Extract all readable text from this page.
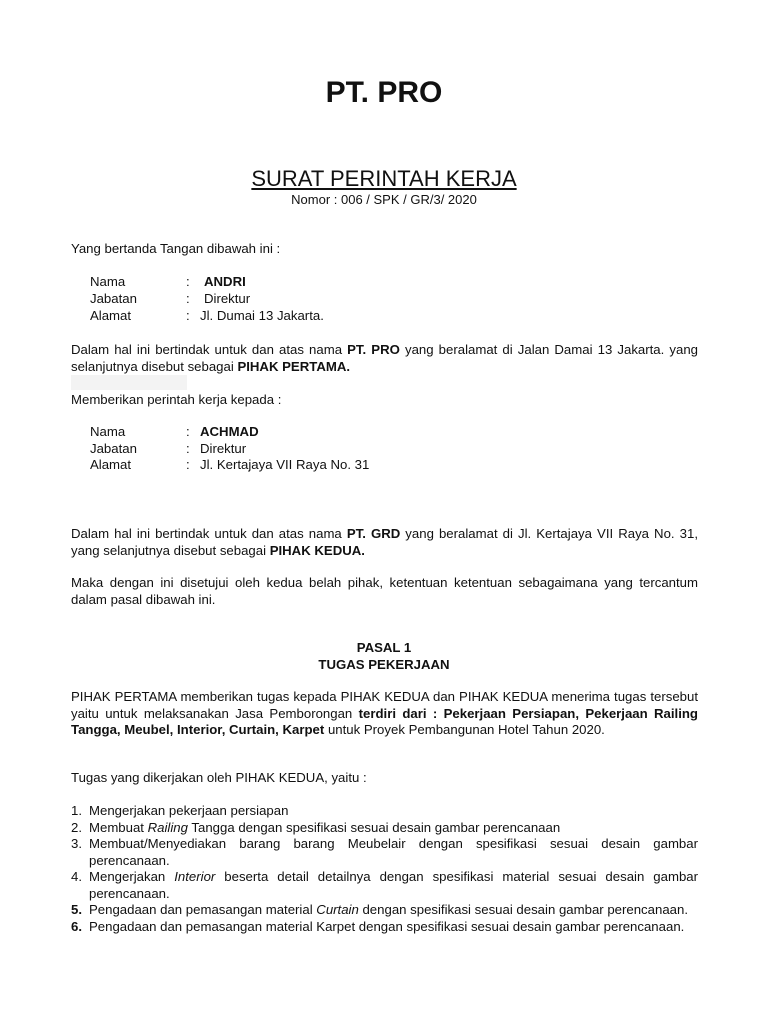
PT. PRO
SURAT PERINTAH KERJA
Nomor : 006 / SPK / GR/3/ 2020
Yang bertanda Tangan dibawah ini :
Nama	: ANDRI
Jabatan	: Direktur
Alamat	: Jl. Dumai 13 Jakarta.
Dalam hal ini bertindak untuk dan atas nama PT. PRO yang beralamat di Jalan Damai 13 Jakarta. yang selanjutnya disebut sebagai PIHAK PERTAMA.
Memberikan perintah kerja kepada :
Nama	: ACHMAD
Jabatan	: Direktur
Alamat	: Jl. Kertajaya VII Raya No. 31
Dalam hal ini bertindak untuk dan atas nama PT. GRD yang beralamat di Jl. Kertajaya VII Raya No. 31, yang selanjutnya disebut sebagai PIHAK KEDUA.
Maka dengan ini disetujui oleh kedua belah pihak, ketentuan ketentuan sebagaimana yang tercantum dalam pasal dibawah ini.
PASAL 1
TUGAS PEKERJAAN
PIHAK PERTAMA memberikan tugas kepada PIHAK KEDUA dan PIHAK KEDUA menerima tugas tersebut yaitu untuk melaksanakan Jasa Pemborongan terdiri dari : Pekerjaan Persiapan, Pekerjaan Railing Tangga, Meubel, Interior, Curtain, Karpet untuk Proyek Pembangunan Hotel Tahun 2020.
Tugas yang dikerjakan oleh PIHAK KEDUA, yaitu :
1. Mengerjakan pekerjaan persiapan
2. Membuat Railing Tangga dengan spesifikasi sesuai desain gambar perencanaan
3. Membuat/Menyediakan barang barang Meubelair dengan spesifikasi sesuai desain gambar perencanaan.
4. Mengerjakan Interior beserta detail detailnya dengan spesifikasi material sesuai desain gambar perencanaan.
5. Pengadaan dan pemasangan material Curtain dengan spesifikasi sesuai desain gambar perencanaan.
6. Pengadaan dan pemasangan material Karpet dengan spesifikasi sesuai desain gambar perencanaan.
